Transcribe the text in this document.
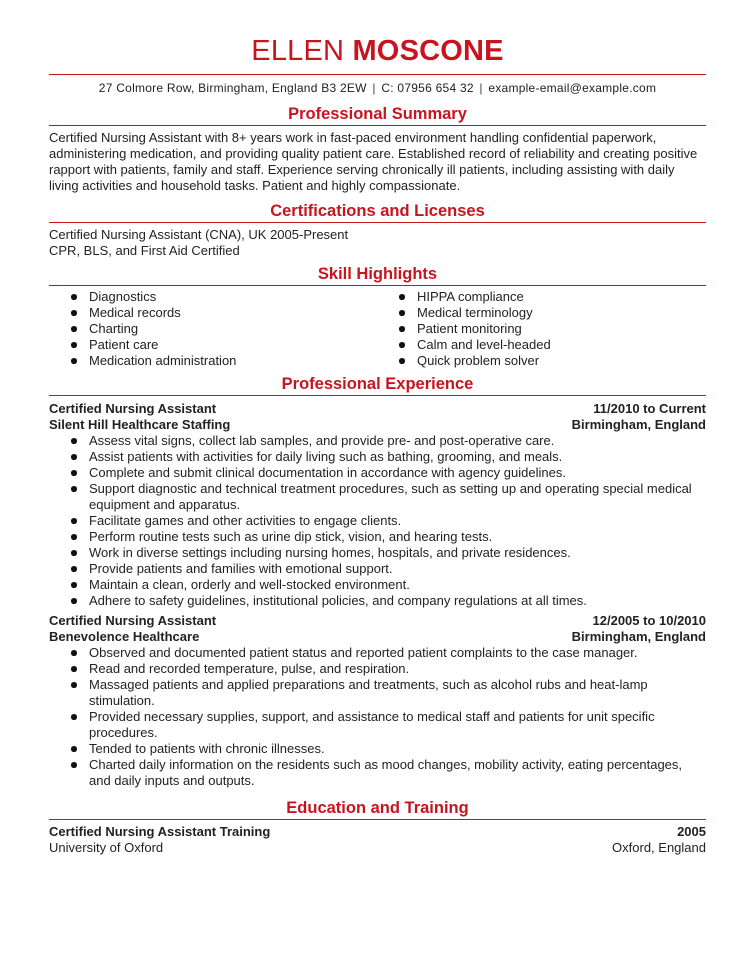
ELLEN MOSCONE
27 Colmore Row, Birmingham, England B3 2EW | C: 07956 654 32 | example-email@example.com
Professional Summary
Certified Nursing Assistant with 8+ years work in fast-paced environment handling confidential paperwork, administering medication, and providing quality patient care. Established record of reliability and creating positive rapport with patients, family and staff. Experience serving chronically ill patients, including assisting with daily living activities and household tasks. Patient and highly compassionate.
Certifications and Licenses
Certified Nursing Assistant (CNA), UK 2005-Present
CPR, BLS, and First Aid Certified
Skill Highlights
Diagnostics
Medical records
Charting
Patient care
Medication administration
HIPPA compliance
Medical terminology
Patient monitoring
Calm and level-headed
Quick problem solver
Professional Experience
Certified Nursing Assistant	11/2010 to Current
Silent Hill Healthcare Staffing	Birmingham, England
Assess vital signs, collect lab samples, and provide pre- and post-operative care.
Assist patients with activities for daily living such as bathing, grooming, and meals.
Complete and submit clinical documentation in accordance with agency guidelines.
Support diagnostic and technical treatment procedures, such as setting up and operating special medical equipment and apparatus.
Facilitate games and other activities to engage clients.
Perform routine tests such as urine dip stick, vision, and hearing tests.
Work in diverse settings including nursing homes, hospitals, and private residences.
Provide patients and families with emotional support.
Maintain a clean, orderly and well-stocked environment.
Adhere to safety guidelines, institutional policies, and company regulations at all times.
Certified Nursing Assistant	12/2005 to 10/2010
Benevolence Healthcare	Birmingham, England
Observed and documented patient status and reported patient complaints to the case manager.
Read and recorded temperature, pulse, and respiration.
Massaged patients and applied preparations and treatments, such as alcohol rubs and heat-lamp stimulation.
Provided necessary supplies, support, and assistance to medical staff and patients for unit specific procedures.
Tended to patients with chronic illnesses.
Charted daily information on the residents such as mood changes, mobility activity, eating percentages, and daily inputs and outputs.
Education and Training
Certified Nursing Assistant Training	2005
University of Oxford	Oxford, England
